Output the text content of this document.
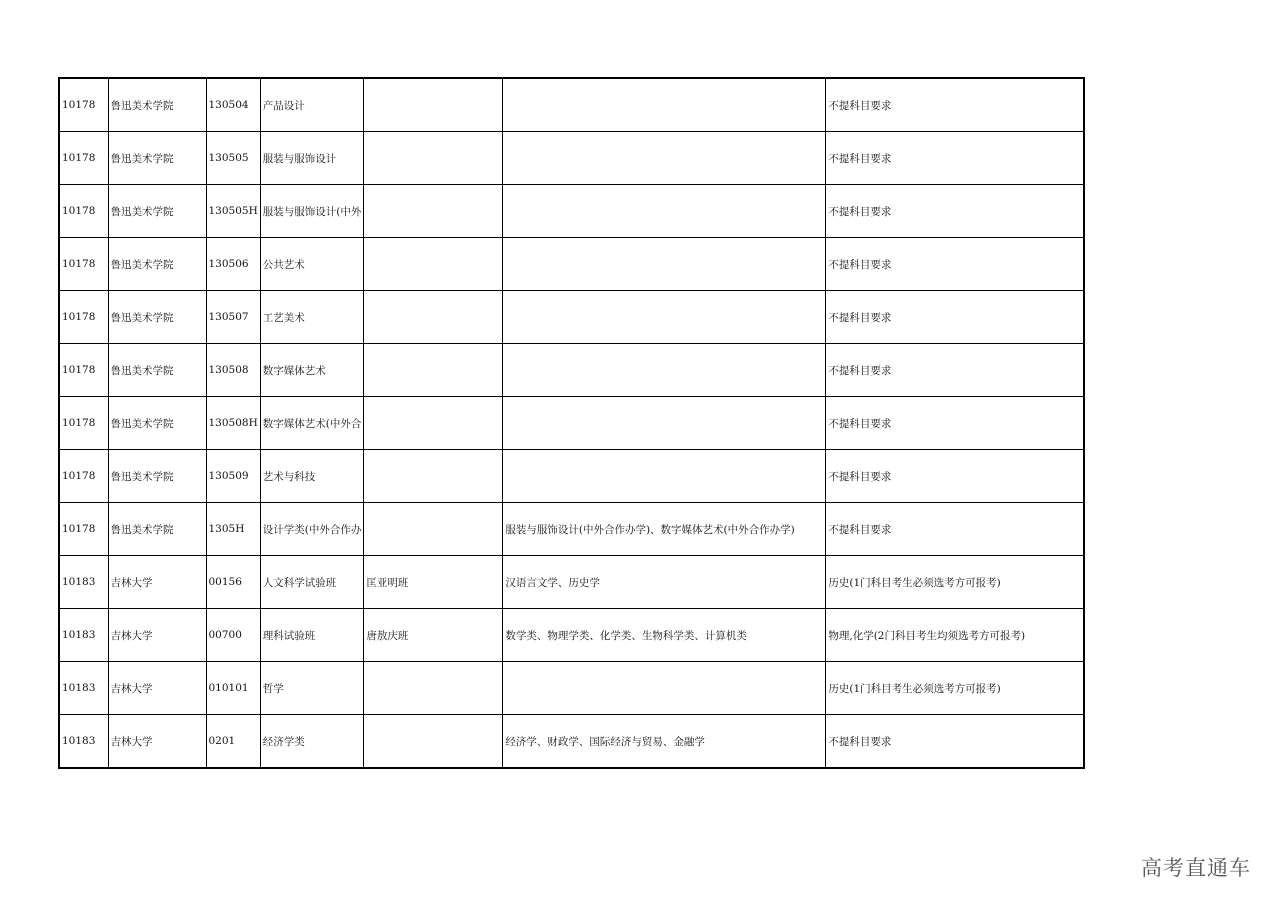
10178	鲁迅美术学院	130504	产品设计			不提科目要求
10178	鲁迅美术学院	130505	服装与服饰设计			不提科目要求
10178	鲁迅美术学院	130505H	服装与服饰设计(中外			不提科目要求
10178	鲁迅美术学院	130506	公共艺术			不提科目要求
10178	鲁迅美术学院	130507	工艺美术			不提科目要求
10178	鲁迅美术学院	130508	数字媒体艺术			不提科目要求
10178	鲁迅美术学院	130508H	数字媒体艺术(中外合			不提科目要求
10178	鲁迅美术学院	130509	艺术与科技			不提科目要求
10178	鲁迅美术学院	1305H	设计学类(中外合作办		服装与服饰设计(中外合作办学)、数字媒体艺术(中外合作办学)	不提科目要求
10183	吉林大学	00156	人文科学试验班	匡亚明班	汉语言文学、历史学	历史(1门科目考生必须选考方可报考)
10183	吉林大学	00700	理科试验班	唐敖庆班	数学类、物理学类、化学类、生物科学类、计算机类	物理,化学(2门科目考生均须选考方可报考)
10183	吉林大学	010101	哲学			历史(1门科目考生必须选考方可报考)
10183	吉林大学	0201	经济学类		经济学、财政学、国际经济与贸易、金融学	不提科目要求
高考直通车
